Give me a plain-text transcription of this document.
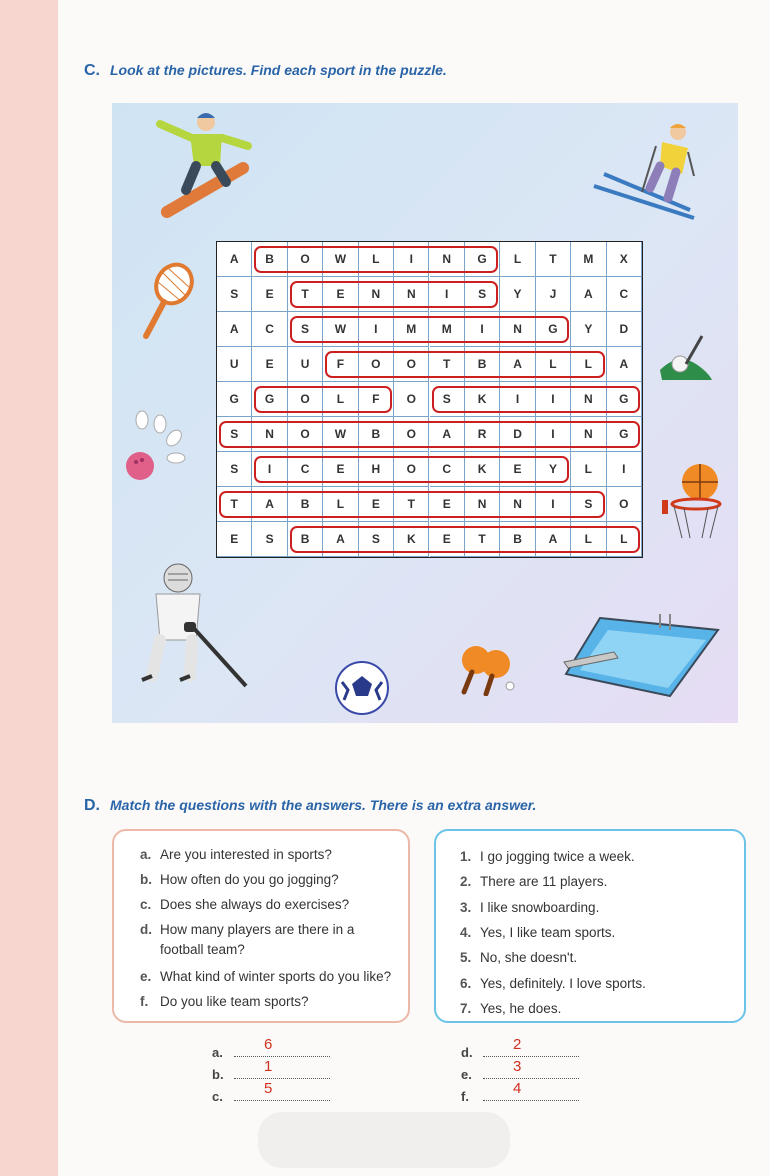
C. Look at the pictures. Find each sport in the puzzle.
A	B	O	W	L	I	N	G	L	T	M	X
S	E	T	E	N	N	I	S	Y	J	A	C
A	C	S	W	I	M	M	I	N	G	Y	D
U	E	U	F	O	O	T	B	A	L	L	A
G	G	O	L	F	O	S	K	I	I	N	G
S	N	O	W	B	O	A	R	D	I	N	G
S	I	C	E	H	O	C	K	E	Y	L	I
T	A	B	L	E	T	E	N	N	I	S	O
E	S	B	A	S	K	E	T	B	A	L	L
D. Match the questions with the answers. There is an extra answer.
a. Are you interested in sports?
b. How often do you go jogging?
c. Does she always do exercises?
d. How many players are there in a
football team?
e. What kind of winter sports do you like?
f. Do you like team sports?
1. I go jogging twice a week.
2. There are 11 players.
3. I like snowboarding.
4. Yes, I like team sports.
5. No, she doesn't.
6. Yes, definitely. I love sports.
7. Yes, he does.
a.	6
b.	1
c.	5
d.	2
e.	3
f.	4
